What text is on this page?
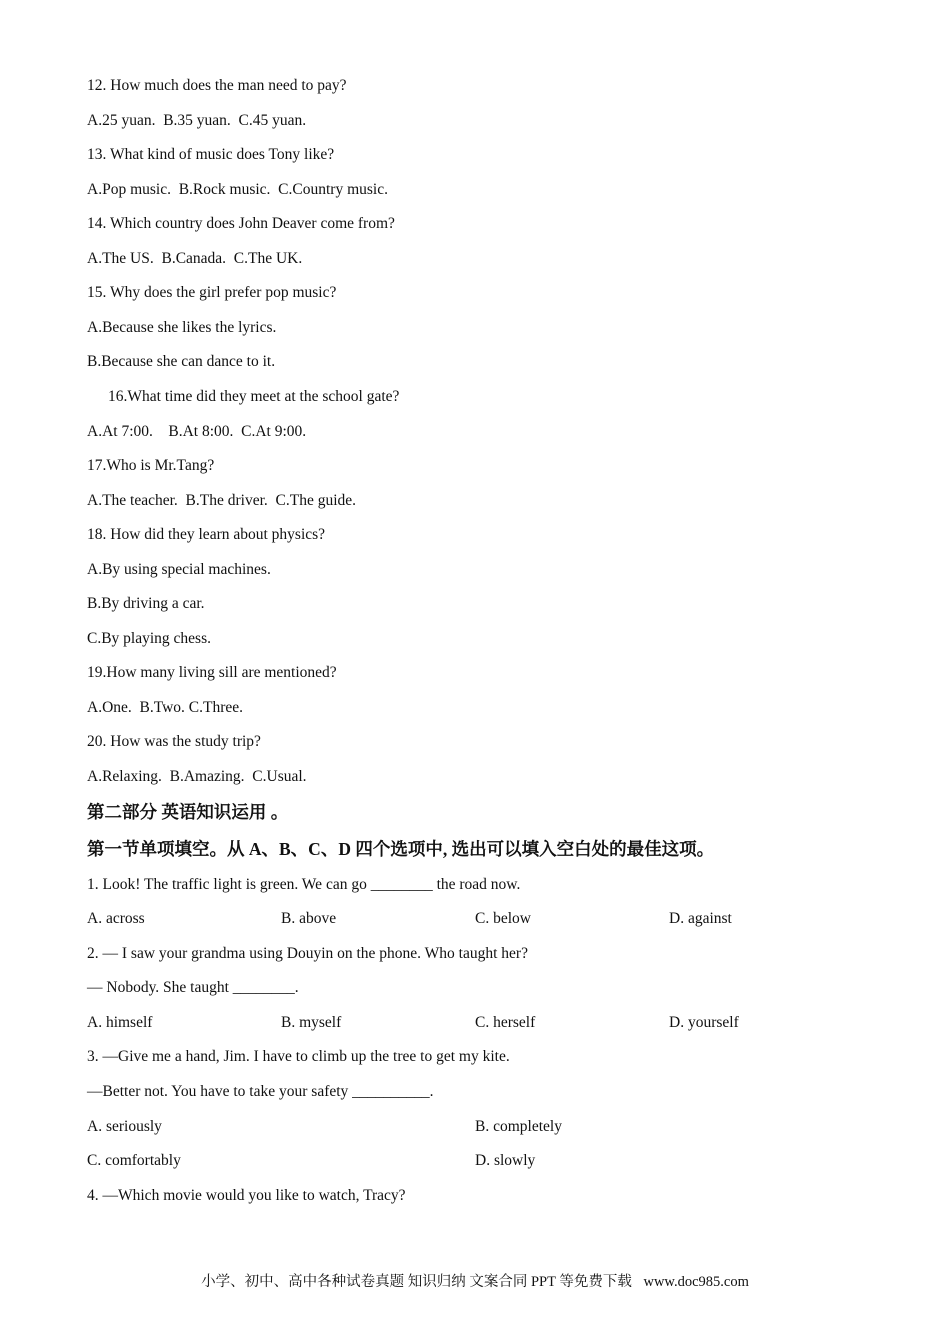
12. How much does the man need to pay?
A.25 yuan.  B.35 yuan.  C.45 yuan.
13. What kind of music does Tony like?
A.Pop music.  B.Rock music.  C.Country music.
14. Which country does John Deaver come from?
A.The US.  B.Canada.  C.The UK.
15. Why does the girl prefer pop music?
A.Because she likes the lyrics.
B.Because she can dance to it.
16.What time did they meet at the school gate?
A.At 7:00.    B.At 8:00.  C.At 9:00.
17.Who is Mr.Tang?
A.The teacher.  B.The driver.  C.The guide.
18. How did they learn about physics?
A.By using special machines.
B.By driving a car.
C.By playing chess.
19.How many living sill are mentioned?
A.One.  B.Two. C.Three.
20. How was the study trip?
A.Relaxing.  B.Amazing.  C.Usual.
第二部分 英语知识运用 。
第一节单项填空。从 A、B、C、D 四个选项中, 选出可以填入空白处的最佳这项。
1. Look! The traffic light is green. We can go ________ the road now.
A. across	B. above	C. below	D. against
2. — I saw your grandma using Douyin on the phone. Who taught her?
— Nobody. She taught ________.
A. himself	B. myself	C. herself	D. yourself
3. —Give me a hand, Jim. I have to climb up the tree to get my kite.
—Better not. You have to take your safety __________.
A. seriously	B. completely
C. comfortably	D. slowly
4. —Which movie would you like to watch, Tracy?
小学、初中、高中各种试卷真题 知识归纳 文案合同 PPT 等免费下载 www.doc985.com
